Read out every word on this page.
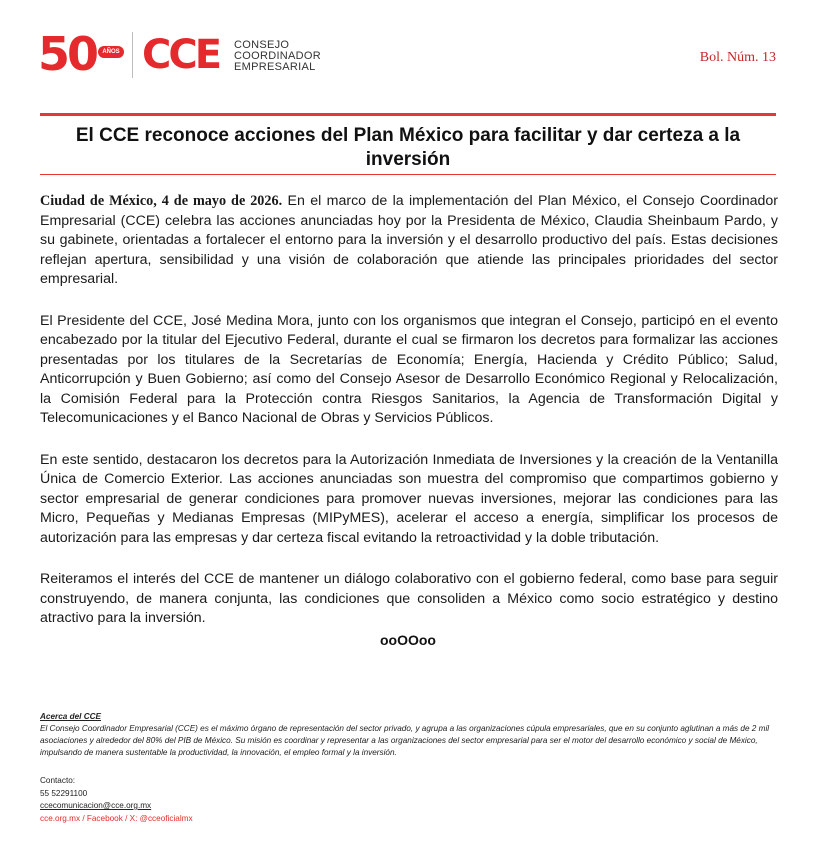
50	AÑOS CCE CONSEJO
COORDINADOR
EMPRESARIAL
Bol. Núm. 13
El CCE reconoce acciones del Plan México para facilitar y dar certeza a la inversión

Ciudad de México, 4 de mayo de 2026. En el marco de la implementación del Plan México, el Consejo Coordinador Empresarial (CCE) celebra las acciones anunciadas hoy por la Presidenta de México, Claudia Sheinbaum Pardo, y su gabinete, orientadas a fortalecer el entorno para la inversión y el desarrollo productivo del país. Estas decisiones reflejan apertura, sensibilidad y una visión de colaboración que atiende las principales prioridades del sector empresarial.

El Presidente del CCE, José Medina Mora, junto con los organismos que integran el Consejo, participó en el evento encabezado por la titular del Ejecutivo Federal, durante el cual se firmaron los decretos para formalizar las acciones presentadas por los titulares de la Secretarías de Economía; Energía, Hacienda y Crédito Público; Salud, Anticorrupción y Buen Gobierno; así como del Consejo Asesor de Desarrollo Económico Regional y Relocalización, la Comisión Federal para la Protección contra Riesgos Sanitarios, la Agencia de Transformación Digital y Telecomunicaciones y el Banco Nacional de Obras y Servicios Públicos.

En este sentido, destacaron los decretos para la Autorización Inmediata de Inversiones y la creación de la Ventanilla Única de Comercio Exterior. Las acciones anunciadas son muestra del compromiso que compartimos gobierno y sector empresarial de generar condiciones para promover nuevas inversiones, mejorar las condiciones para las Micro, Pequeñas y Medianas Empresas (MIPyMES), acelerar el acceso a energía, simplificar los procesos de autorización para las empresas y dar certeza fiscal evitando la retroactividad y la doble tributación.

Reiteramos el interés del CCE de mantener un diálogo colaborativo con el gobierno federal, como base para seguir construyendo, de manera conjunta, las condiciones que consoliden a México como socio estratégico y destino atractivo para la inversión.

ooOOoo
Acerca del CCE
El Consejo Coordinador Empresarial (CCE) es el máximo órgano de representación del sector privado, y agrupa a las organizaciones cúpula empresariales, que en su conjunto aglutinan a más de 2 mil asociaciones y alrededor del 80% del PIB de México. Su misión es coordinar y representar a las organizaciones del sector empresarial para ser el motor del desarrollo económico y social de México, impulsando de manera sustentable la productividad, la innovación, el empleo formal y la inversión.
Contacto:
55 52291100
ccecomunicacion@cce.org.mx
cce.org.mx / Facebook / X: @cceoficialmx
